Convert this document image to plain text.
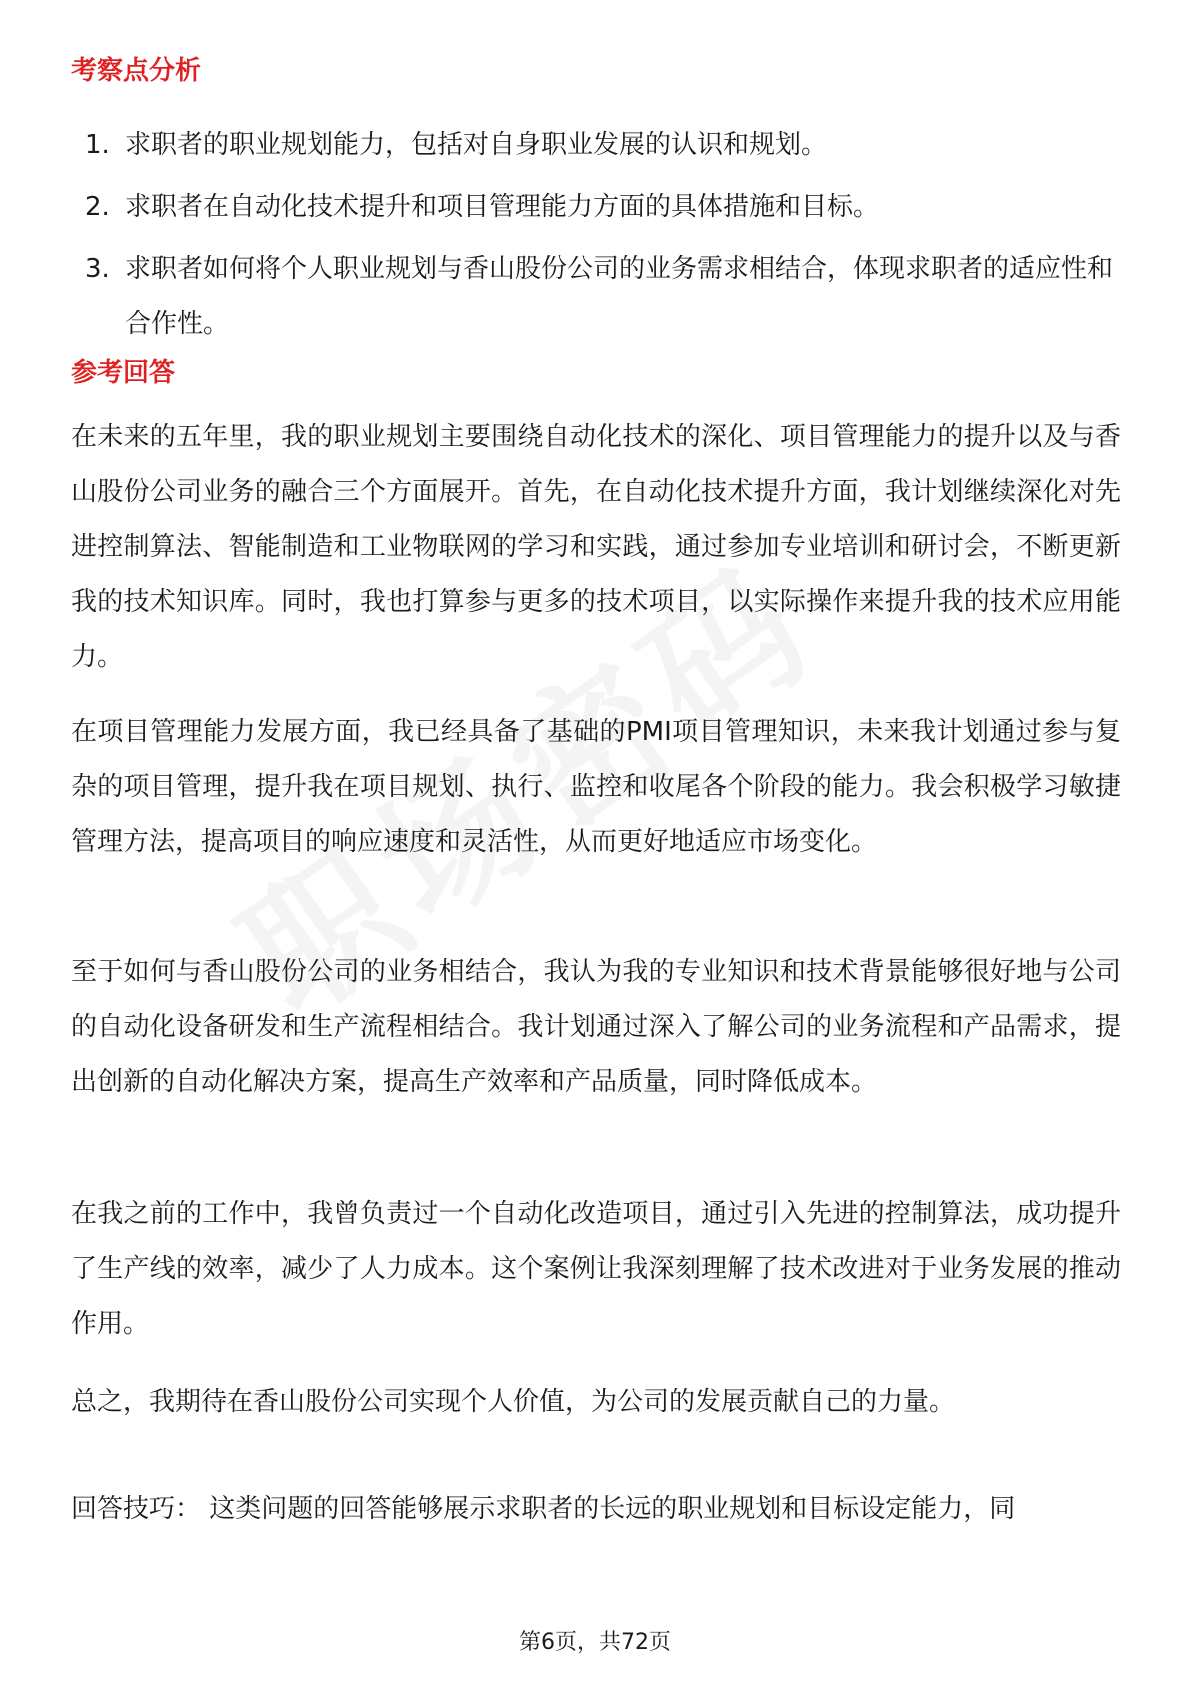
考察点分析
1. 求职者的职业规划能力，包括对自身职业发展的认识和规划。
2. 求职者在自动化技术提升和项目管理能力方面的具体措施和目标。
3. 求职者如何将个人职业规划与香山股份公司的业务需求相结合，体现求职者的适应性和合作性。
参考回答

在未来的五年里，我的职业规划主要围绕自动化技术的深化、项目管理能力的提升以及与香山股份公司业务的融合三个方面展开。首先，在自动化技术提升方面，我计划继续深化对先进控制算法、智能制造和工业物联网的学习和实践，通过参加专业培训和研讨会，不断更新我的技术知识库。同时，我也打算参与更多的技术项目，以实际操作来提升我的技术应用能力。

在项目管理能力发展方面，我已经具备了基础的PMI项目管理知识，未来我计划通过参与复杂的项目管理，提升我在项目规划、执行、监控和收尾各个阶段的能力。我会积极学习敏捷管理方法，提高项目的响应速度和灵活性，从而更好地适应市场变化。

至于如何与香山股份公司的业务相结合，我认为我的专业知识和技术背景能够很好地与公司的自动化设备研发和生产流程相结合。我计划通过深入了解公司的业务流程和产品需求，提出创新的自动化解决方案，提高生产效率和产品质量，同时降低成本。

在我之前的工作中，我曾负责过一个自动化改造项目，通过引入先进的控制算法，成功提升了生产线的效率，减少了人力成本。这个案例让我深刻理解了技术改进对于业务发展的推动作用。

总之，我期待在香山股份公司实现个人价值，为公司的发展贡献自己的力量。

回答技巧： 这类问题的回答能够展示求职者的长远的职业规划和目标设定能力，同

第6页，共72页
